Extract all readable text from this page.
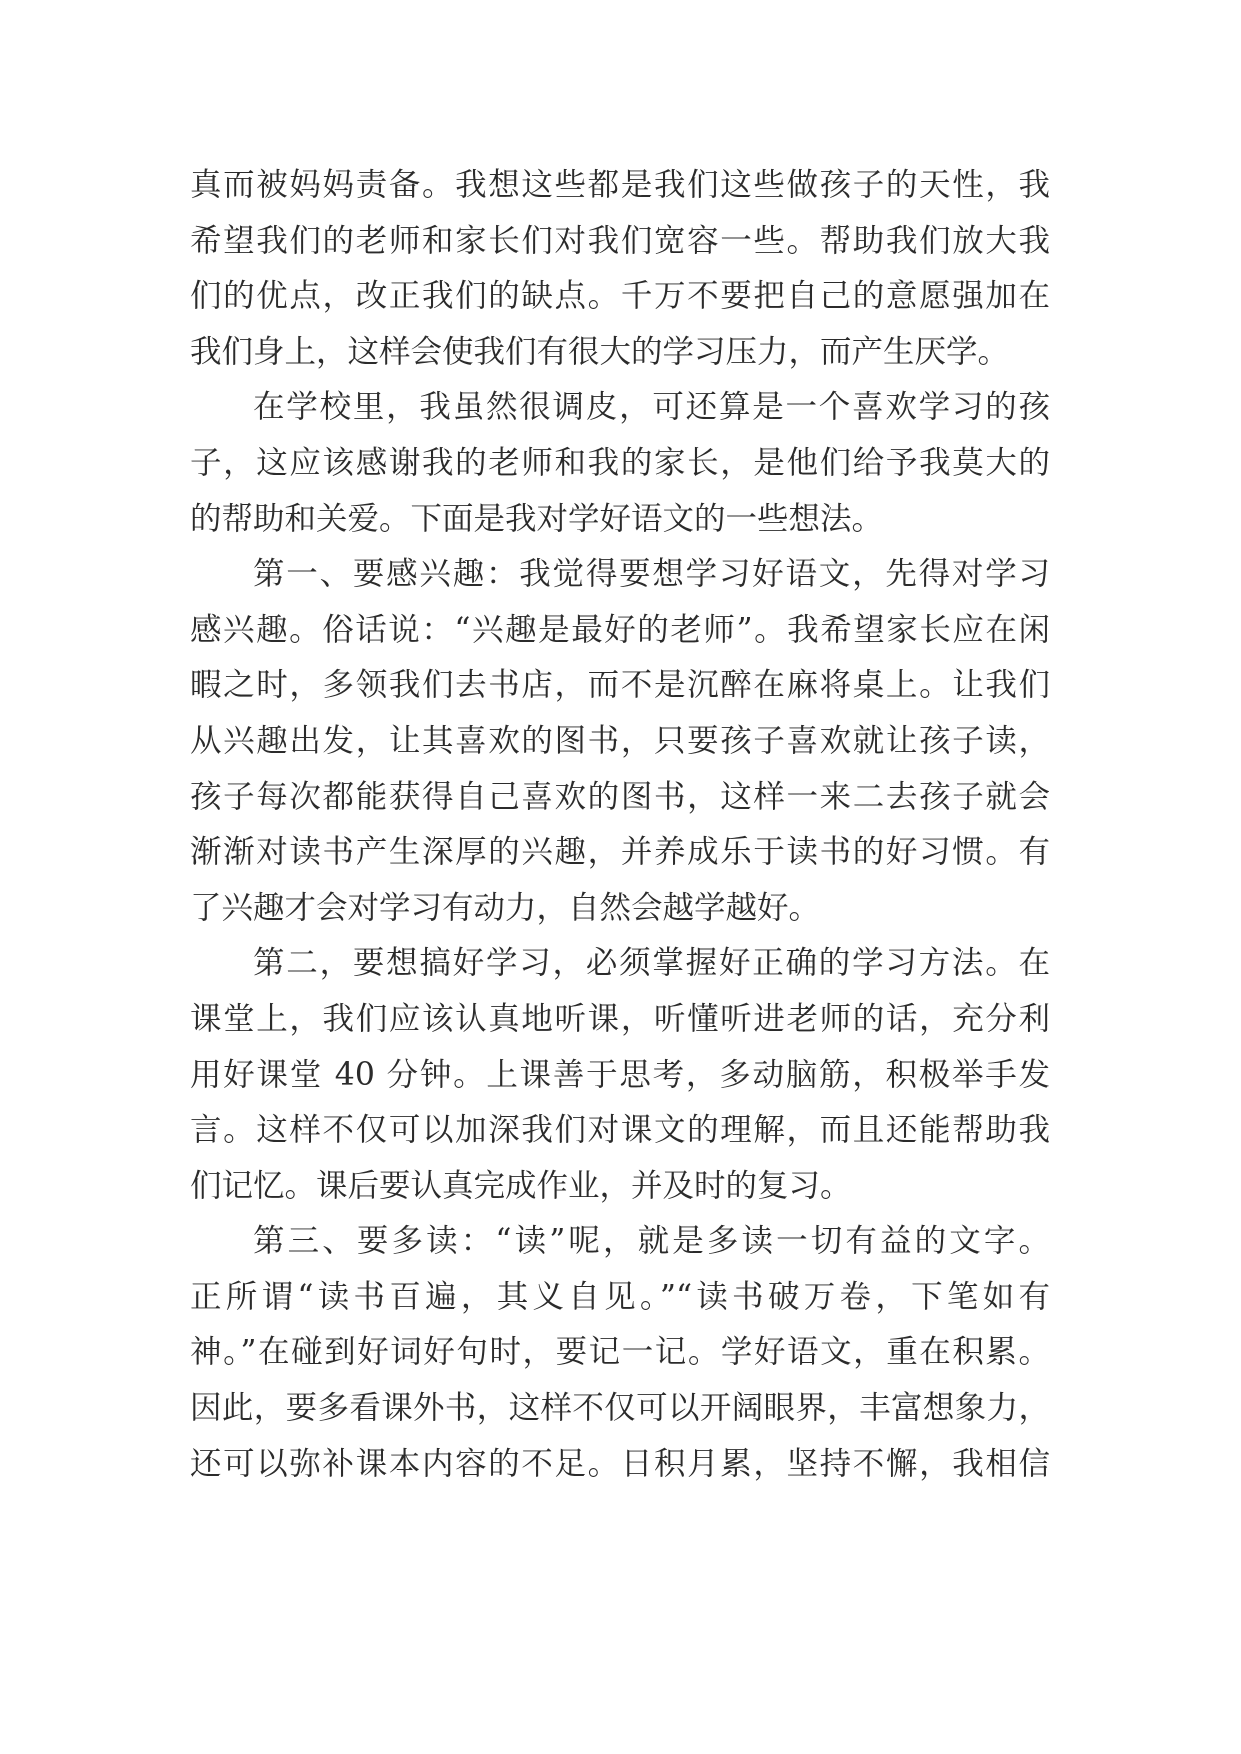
真而被妈妈责备。我想这些都是我们这些做孩子的天性，我
希望我们的老师和家长们对我们宽容一些。帮助我们放大我
们的优点，改正我们的缺点。千万不要把自己的意愿强加在
我们身上，这样会使我们有很大的学习压力，而产生厌学。
在学校里，我虽然很调皮，可还算是一个喜欢学习的孩
子，这应该感谢我的老师和我的家长，是他们给予我莫大的
的帮助和关爱。下面是我对学好语文的一些想法。
第一、要感兴趣：我觉得要想学习好语文，先得对学习
感兴趣。俗话说：“兴趣是最好的老师”。我希望家长应在闲
暇之时，多领我们去书店，而不是沉醉在麻将桌上。让我们
从兴趣出发，让其喜欢的图书，只要孩子喜欢就让孩子读，
孩子每次都能获得自己喜欢的图书，这样一来二去孩子就会
渐渐对读书产生深厚的兴趣，并养成乐于读书的好习惯。有
了兴趣才会对学习有动力，自然会越学越好。
第二，要想搞好学习，必须掌握好正确的学习方法。在
课堂上，我们应该认真地听课，听懂听进老师的话，充分利
用好课堂 40 分钟。上课善于思考，多动脑筋，积极举手发
言。这样不仅可以加深我们对课文的理解，而且还能帮助我
们记忆。课后要认真完成作业，并及时的复习。
第三、要多读：“读”呢，就是多读一切有益的文字。
正所谓“读书百遍，其义自见。”“读书破万卷，下笔如有
神。”在碰到好词好句时，要记一记。学好语文，重在积累。
因此，要多看课外书，这样不仅可以开阔眼界，丰富想象力，
还可以弥补课本内容的不足。日积月累，坚持不懈，我相信
